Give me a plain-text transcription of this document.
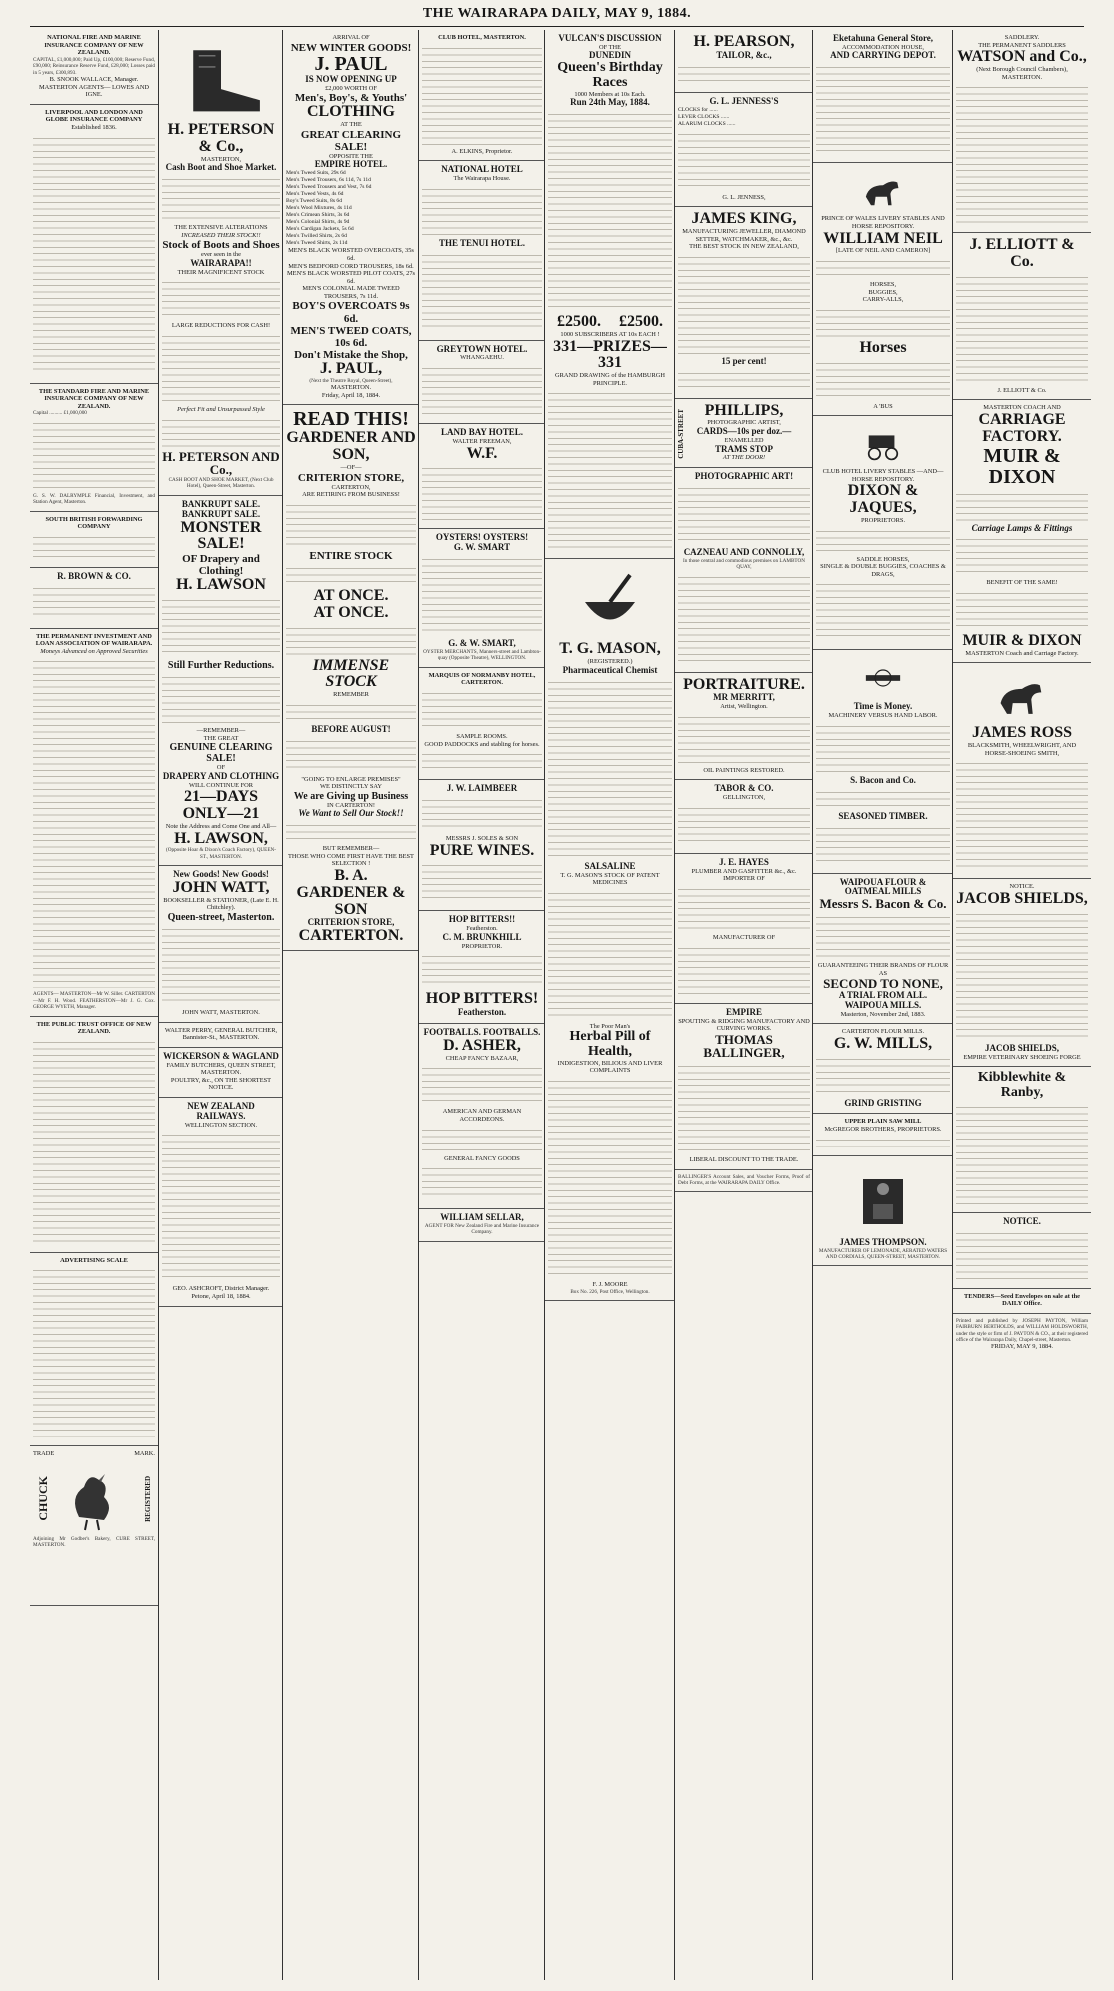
THE WAIRARAPA DAILY, MAY 9, 1884.
NATIONAL FIRE AND MARINE INSURANCE COMPANY OF NEW ZEALAND.
CAPITAL, £1,000,000; Paid Up, £100,000; Reserve Fund, £90,000; Reinsurance Reserve Fund, £28,000; Losses paid in 5 years, £300,893.
B. SNOOK WALLACE, Manager.
MASTERTON AGENTS— LOWES AND IGNE.
LIVERPOOL AND LONDON AND GLOBE INSURANCE COMPANY
Established 1836.
THE STANDARD FIRE AND MARINE INSURANCE COMPANY OF NEW ZEALAND.
Capital .......... £1,000,000
G. S. W. DALRYMPLE Financial, Investment, and Station Agent, Masterton.
SOUTH BRITISH FORWARDING COMPANY
R. BROWN & CO.
THE PERMANENT INVESTMENT AND LOAN ASSOCIATION OF WAIRARAPA.
Moneys Advanced on Approved Securities
AGENTS— MASTERTON—Mr W. Siller. CARTERTON—Mr F. H. Wood. FEATHERSTON—Mr J. G. Cox. GEORGE WYETH, Manager.
THE PUBLIC TRUST OFFICE OF NEW ZEALAND.
ADVERTISING SCALE
TRADE	MARK.
CHUCK	REGISTERED
Adjoining Mr Godber's Bakery, CURE STREET, MASTERTON.
H. PETERSON & Co.,
MASTERTON,
Cash Boot and Shoe Market.
THE EXTENSIVE ALTERATIONS
INCREASED THEIR STOCK!!
Stock of Boots and Shoes
ever seen in the
WAIRARAPA!!
THEIR MAGNIFICENT STOCK
LARGE REDUCTIONS FOR CASH!
Perfect Fit and Unsurpassed Style
H. PETERSON AND Co.,
CASH BOOT AND SHOE MARKET, (Next Club Hotel), Queen-Street, Masterton.
BANKRUPT SALE. BANKRUPT SALE.
MONSTER SALE!
OF Drapery and Clothing!
H. LAWSON
Still Further Reductions.
—REMEMBER—
THE GREAT
GENUINE CLEARING SALE!
OF
DRAPERY AND CLOTHING
WILL CONTINUE FOR
21—DAYS ONLY—21
Note the Address and Come One and All—
H. LAWSON,
(Opposite Hoar & Dixon's Coach Factory), QUEEN-ST., MASTERTON.
New Goods! New Goods!
JOHN WATT,
BOOKSELLER & STATIONER, (Late E. H. Chitchley).
Queen-street, Masterton.
JOHN WATT, MASTERTON.
WALTER PERRY, GENERAL BUTCHER, Bannister-St., MASTERTON.
WICKERSON & WAGLAND
FAMILY BUTCHERS, QUEEN STREET, MASTERTON.
POULTRY, &c., ON THE SHORTEST NOTICE.
NEW ZEALAND RAILWAYS.
WELLINGTON SECTION.
GEO. ASHCROFT, District Manager.
Petone, April 18, 1884.
ARRIVAL OF
NEW WINTER GOODS!
J. PAUL
IS NOW OPENING UP
£2,000 WORTH OF
Men's, Boy's, & Youths'
CLOTHING
AT THE
GREAT CLEARING SALE!
OPPOSITE THE
EMPIRE HOTEL.
Men's Tweed Suits, 29s 6d
Men's Tweed Trousers, 6s 11d, 7s 11d
Men's Tweed Trousers and Vest, 7s 6d
Men's Tweed Vests, 4s 6d
Boy's Tweed Suits, 8s 6d
Men's Wool Mixtures, 4s 11d
Men's Crimean Shirts, 3s 6d
Men's Colonial Shirts, 4s 9d
Men's Cardigan Jackets, 5s 6d
Men's Twilled Shirts, 2s 6d
Men's Tweed Shirts, 2s 11d
MEN'S BLACK WORSTED OVERCOATS, 35s 6d.
MEN'S BEDFORD CORD TROUSERS, 18s 6d.
MEN'S BLACK WORSTED PILOT COATS, 27s 6d.
MEN'S COLONIAL MADE TWEED TROUSERS, 7s 11d.
BOY'S OVERCOATS 9s 6d.
MEN'S TWEED COATS, 10s 6d.
Don't Mistake the Shop,
J. PAUL,
(Next the Theatre Royal, Queen-Street),
MASTERTON.
Friday, April 18, 1884.
READ THIS!
GARDENER AND SON,
—OF—
CRITERION STORE,
CARTERTON,
ARE RETIRING FROM BUSINESS!
ENTIRE STOCK
AT ONCE.
AT ONCE.
IMMENSE STOCK
REMEMBER
BEFORE AUGUST!
"GOING TO ENLARGE PREMISES"
WE DISTINCTLY SAY
We are Giving up Business
IN CARTERTON!
We Want to Sell Our Stock!!
BUT REMEMBER—
THOSE WHO COME FIRST HAVE THE BEST SELECTION !
B. A.
GARDENER & SON
CRITERION STORE,
CARTERTON.
CLUB HOTEL, MASTERTON.
A. ELKINS, Proprietor.
NATIONAL HOTEL
The Wairarapa House.
THE TENUI HOTEL.
GREYTOWN HOTEL.
WHANGAEHU.
LAND BAY HOTEL.
WALTER FREEMAN,
W.F.
OYSTERS! OYSTERS!
G. W. SMART
G. & W. SMART,
OYSTER MERCHANTS, Manners-street and Lambton-quay (Opposite Theatre), WELLINGTON.
MARQUIS OF NORMANBY HOTEL, CARTERTON.
SAMPLE ROOMS.
GOOD PADDOCKS and stabling for horses.
J. W. LAIMBEER
MESSRS J. SOLES & SON
PURE WINES.
HOP BITTERS!!
Featherston.
C. M. BRUNKHILL
PROPRIETOR.
HOP BITTERS!
Featherston.
FOOTBALLS. FOOTBALLS.
D. ASHER,
CHEAP FANCY BAZAAR,
AMERICAN AND GERMAN ACCORDEONS.
GENERAL FANCY GOODS
WILLIAM SELLAR,
AGENT FOR New Zealand Fire and Marine Insurance Company.
VULCAN'S DISCUSSION
OF THE
DUNEDIN
Queen's Birthday Races
1000 Members at 10s Each.
Run 24th May, 1884.
£2500. £2500.
1000 SUBSCRIBERS AT 10s EACH !
331—PRIZES—331
GRAND DRAWING of the HAMBURGH PRINCIPLE.
T. G. MASON,
(REGISTERED.)
Pharmaceutical Chemist
SALSALINE
T. G. MASON'S STOCK OF PATENT MEDICINES
The Poor Man's
Herbal Pill of Health,
INDIGESTION, BILIOUS AND LIVER COMPLAINTS
F. J. MOORE
Box No. 226, Post Office, Wellington.
H. PEARSON,
TAILOR, &c.,
G. L. JENNESS'S
CLOCKS for ......
LEVER CLOCKS ......
ALARUM CLOCKS ......
G. L. JENNESS,
JAMES KING,
MANUFACTURING JEWELLER, DIAMOND SETTER, WATCHMAKER, &c., &c.
THE BEST STOCK IN NEW ZEALAND,
15 per cent!
CUBA-STREET	PHILLIPS,
PHOTOGRAPHIC ARTIST,
CARDS—10s per doz.—
ENAMELLED
TRAMS STOP
AT THE DOOR!
PHOTOGRAPHIC ART!
CAZNEAU AND CONNOLLY,
In those central and commodious premises on LAMBTON QUAY,
PORTRAITURE.
MR MERRITT,
Artist, Wellington.
OIL PAINTINGS RESTORED.
TABOR & CO.
GELLINGTON,
J. E. HAYES
PLUMBER AND GASFITTER &c., &c.
IMPORTER OF
MANUFACTURER OF
EMPIRE
SPOUTING & RIDGING MANUFACTORY AND CURVING WORKS.
THOMAS BALLINGER,
LIBERAL DISCOUNT TO THE TRADE.
BALLINGER'S Account Sales, and Voucher Forms, Proof of Debt Forms, at the WAIRARAPA DAILY Office.
Eketahuna General Store,
ACCOMMODATION HOUSE,
AND CARRYING DEPOT.
PRINCE OF WALES LIVERY STABLES AND HORSE REPOSITORY.
WILLIAM NEIL
[LATE OF NEIL AND CAMERON]
HORSES,
BUGGIES,
CARRY-ALLS,
Horses
A 'BUS
CLUB HOTEL LIVERY STABLES —AND— HORSE REPOSITORY.
DIXON & JAQUES,
PROPRIETORS.
SADDLE HORSES,
SINGLE & DOUBLE BUGGIES, COACHES & DRAGS,
Time is Money.
MACHINERY VERSUS HAND LABOR.
S. Bacon and Co.
SEASONED TIMBER.
WAIPOUA FLOUR & OATMEAL MILLS
Messrs S. Bacon & Co.
GUARANTEEING THEIR BRANDS OF FLOUR AS
SECOND TO NONE,
A TRIAL FROM ALL.
WAIPOUA MILLS.
Masterton, November 2nd, 1883.
CARTERTON FLOUR MILLS.
G. W. MILLS,
GRIND GRISTING
UPPER PLAIN SAW MILL
McGREGOR BROTHERS, PROPRIETORS.
JAMES THOMPSON.
MANUFACTURER OF LEMONADE, AERATED WATERS AND CORDIALS, QUEEN-STREET, MASTERTON.
SADDLERY.
THE PERMANENT SADDLERS
WATSON and Co.,
(Next Borough Council Chambers), MASTERTON.
J. ELLIOTT & Co.
J. ELLIOTT & Co.
MASTERTON COACH AND
CARRIAGE FACTORY.
MUIR & DIXON
Carriage Lamps & Fittings
BENEFIT OF THE SAME!
MUIR & DIXON
MASTERTON Coach and Carriage Factory.
JAMES ROSS
BLACKSMITH, WHEELWRIGHT, AND HORSE-SHOEING SMITH,
NOTICE.
JACOB SHIELDS,
JACOB SHIELDS,
EMPIRE VETERINARY SHOEING FORGE
Kibblewhite & Ranby,
NOTICE.
TENDERS—Seed Envelopes on sale at the DAILY Office.
Printed and published by JOSEPH PAYTON, William FAIRBURN BERTHOLDS, and WILLIAM HOLDSWORTH, under the style or firm of J. PAYTON & CO., at their registered office of the Wairarapa Daily, Chapel-street, Masterton.
FRIDAY, MAY 9, 1884.
